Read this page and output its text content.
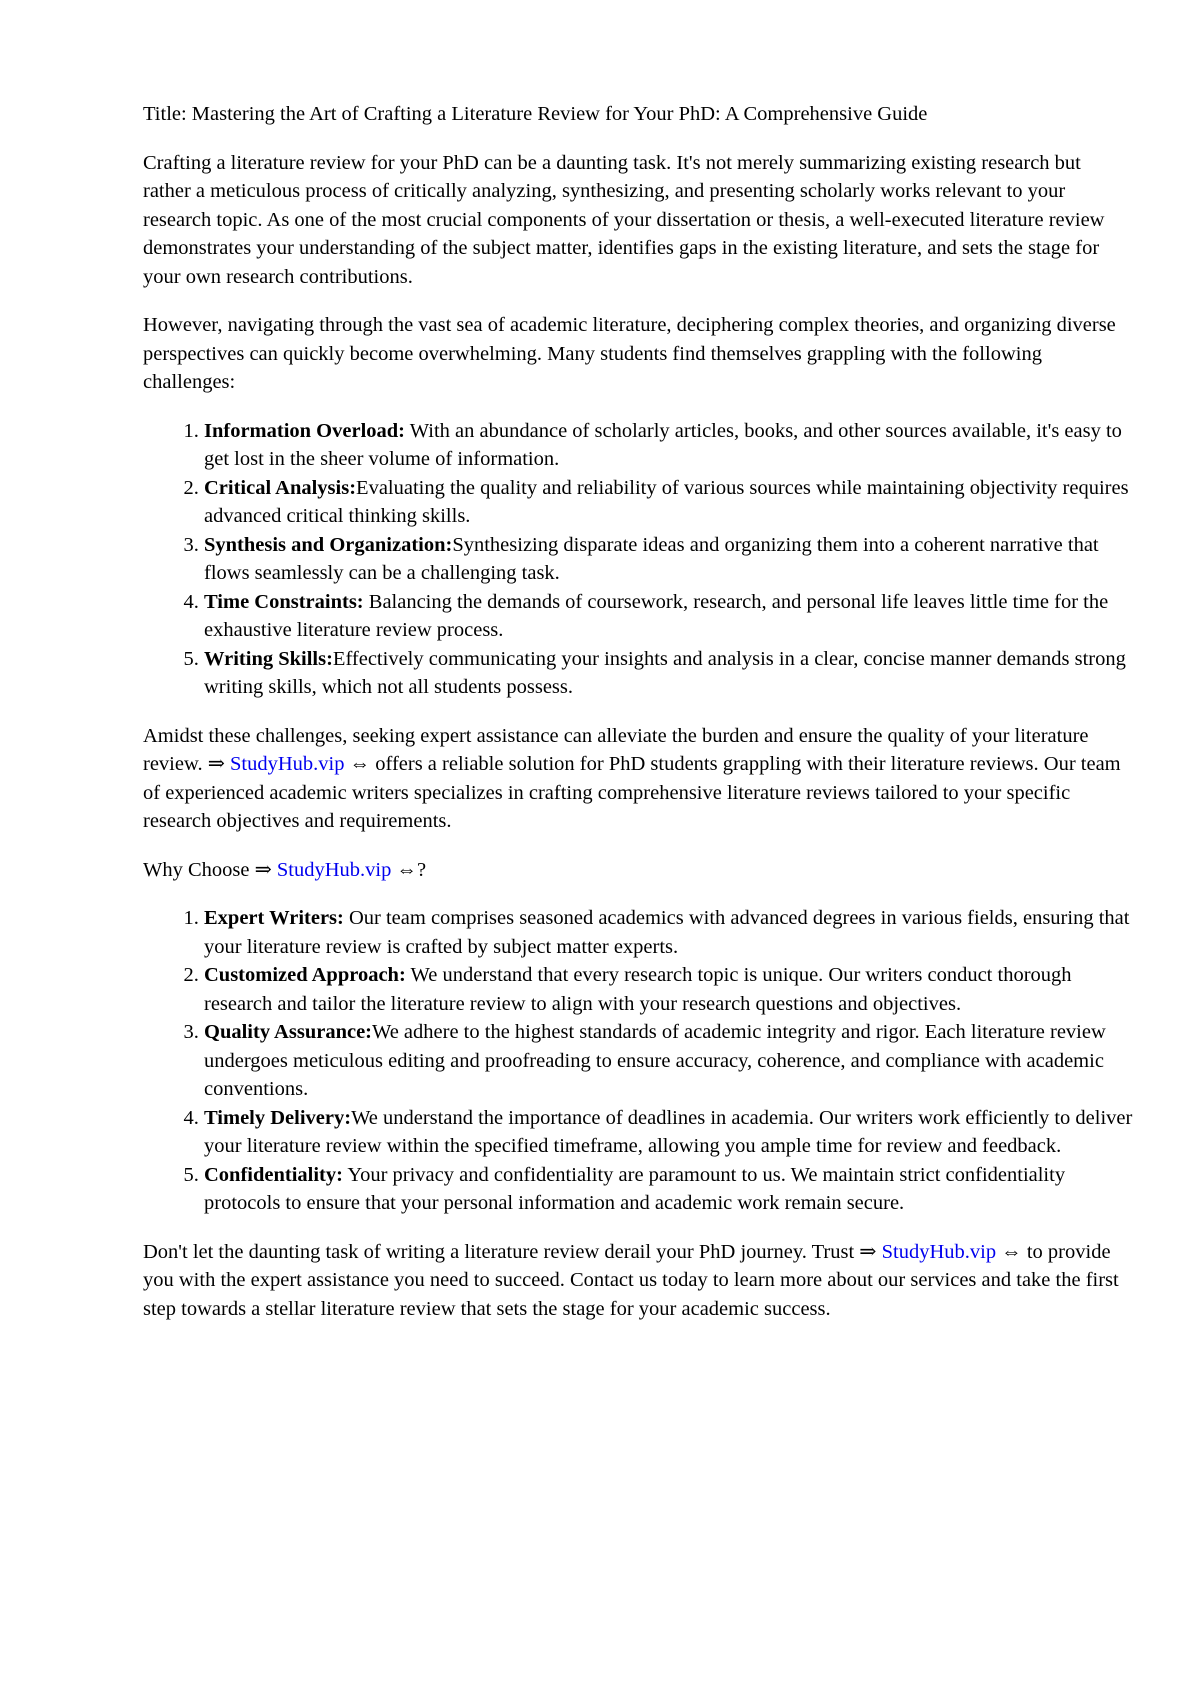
Title: Mastering the Art of Crafting a Literature Review for Your PhD: A Comprehensive Guide

Crafting a literature review for your PhD can be a daunting task. It's not merely summarizing existing research but rather a meticulous process of critically analyzing, synthesizing, and presenting scholarly works relevant to your research topic. As one of the most crucial components of your dissertation or thesis, a well-executed literature review demonstrates your understanding of the subject matter, identifies gaps in the existing literature, and sets the stage for your own research contributions.

However, navigating through the vast sea of academic literature, deciphering complex theories, and organizing diverse perspectives can quickly become overwhelming. Many students find themselves grappling with the following challenges:

1. Information Overload: With an abundance of scholarly articles, books, and other sources available, it's easy to get lost in the sheer volume of information.
2. Critical Analysis:Evaluating the quality and reliability of various sources while maintaining objectivity requires advanced critical thinking skills.
3. Synthesis and Organization:Synthesizing disparate ideas and organizing them into a coherent narrative that flows seamlessly can be a challenging task.
4. Time Constraints: Balancing the demands of coursework, research, and personal life leaves little time for the exhaustive literature review process.
5. Writing Skills:Effectively communicating your insights and analysis in a clear, concise manner demands strong writing skills, which not all students possess.

Amidst these challenges, seeking expert assistance can alleviate the burden and ensure the quality of your literature review. ⇒ StudyHub.vip ⇔ offers a reliable solution for PhD students grappling with their literature reviews. Our team of experienced academic writers specializes in crafting comprehensive literature reviews tailored to your specific research objectives and requirements.

Why Choose ⇒ StudyHub.vip ⇔?

1. Expert Writers: Our team comprises seasoned academics with advanced degrees in various fields, ensuring that your literature review is crafted by subject matter experts.
2. Customized Approach: We understand that every research topic is unique. Our writers conduct thorough research and tailor the literature review to align with your research questions and objectives.
3. Quality Assurance:We adhere to the highest standards of academic integrity and rigor. Each literature review undergoes meticulous editing and proofreading to ensure accuracy, coherence, and compliance with academic conventions.
4. Timely Delivery:We understand the importance of deadlines in academia. Our writers work efficiently to deliver your literature review within the specified timeframe, allowing you ample time for review and feedback.
5. Confidentiality: Your privacy and confidentiality are paramount to us. We maintain strict confidentiality protocols to ensure that your personal information and academic work remain secure.

Don't let the daunting task of writing a literature review derail your PhD journey. Trust ⇒ StudyHub.vip ⇔ to provide you with the expert assistance you need to succeed. Contact us today to learn more about our services and take the first step towards a stellar literature review that sets the stage for your academic success.
